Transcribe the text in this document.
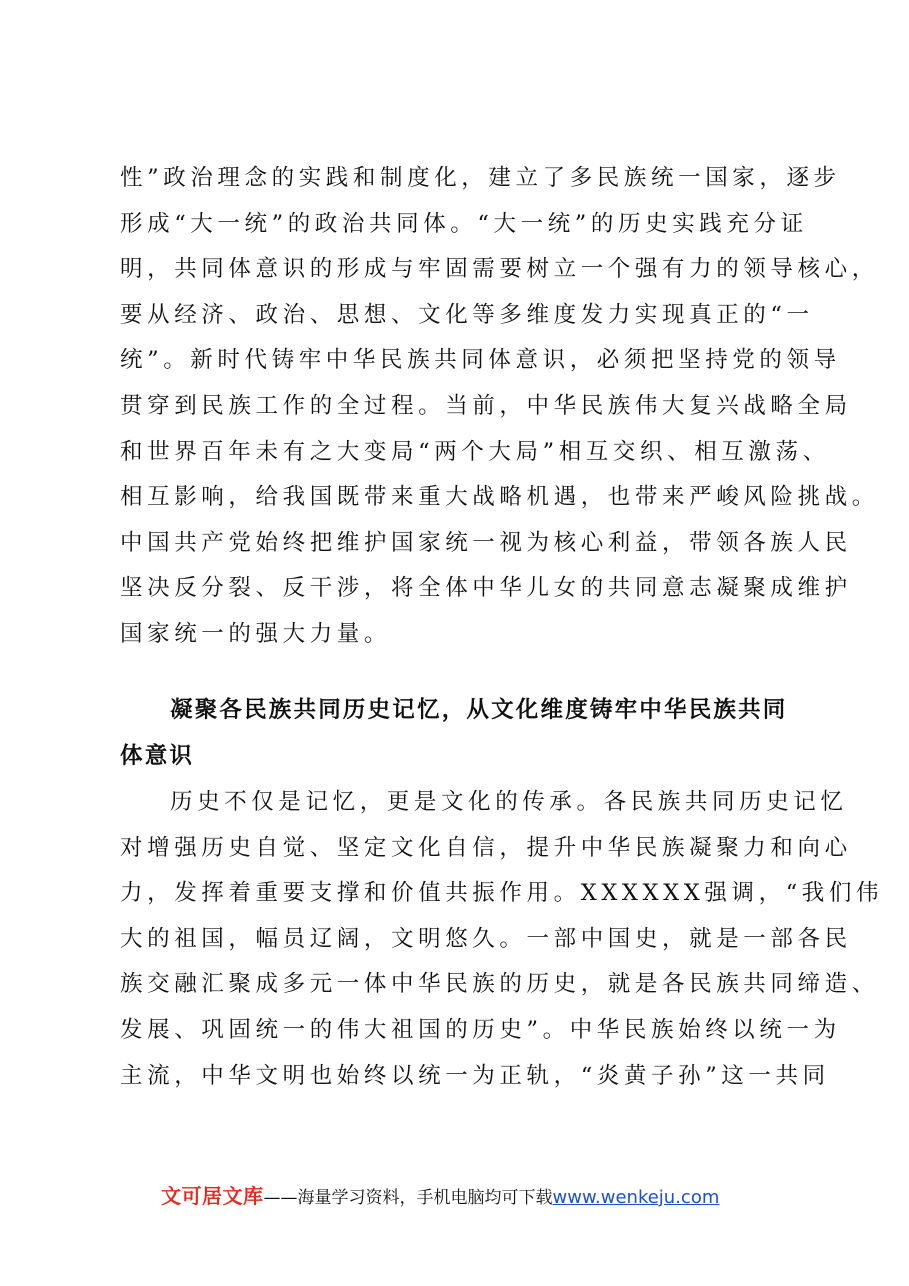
性”政治理念的实践和制度化，建立了多民族统一国家，逐步
形成“大一统”的政治共同体。“大一统”的历史实践充分证
明，共同体意识的形成与牢固需要树立一个强有力的领导核心，
要从经济、政治、思想、文化等多维度发力实现真正的“一
统”。新时代铸牢中华民族共同体意识，必须把坚持党的领导
贯穿到民族工作的全过程。当前，中华民族伟大复兴战略全局
和世界百年未有之大变局“两个大局”相互交织、相互激荡、
相互影响，给我国既带来重大战略机遇，也带来严峻风险挑战。
中国共产党始终把维护国家统一视为核心利益，带领各族人民
坚决反分裂、反干涉，将全体中华儿女的共同意志凝聚成维护
国家统一的强大力量。
凝聚各民族共同历史记忆，从文化维度铸牢中华民族共同
体意识
历史不仅是记忆，更是文化的传承。各民族共同历史记忆
对增强历史自觉、坚定文化自信，提升中华民族凝聚力和向心
力，发挥着重要支撑和价值共振作用。XXXXXX强调，“我们伟
大的祖国，幅员辽阔，文明悠久。一部中国史，就是一部各民
族交融汇聚成多元一体中华民族的历史，就是各民族共同缔造、
发展、巩固统一的伟大祖国的历史”。中华民族始终以统一为
主流，中华文明也始终以统一为正轨，“炎黄子孙”这一共同
文可居文库——海量学习资料，手机电脑均可下载www.wenkeju.com
